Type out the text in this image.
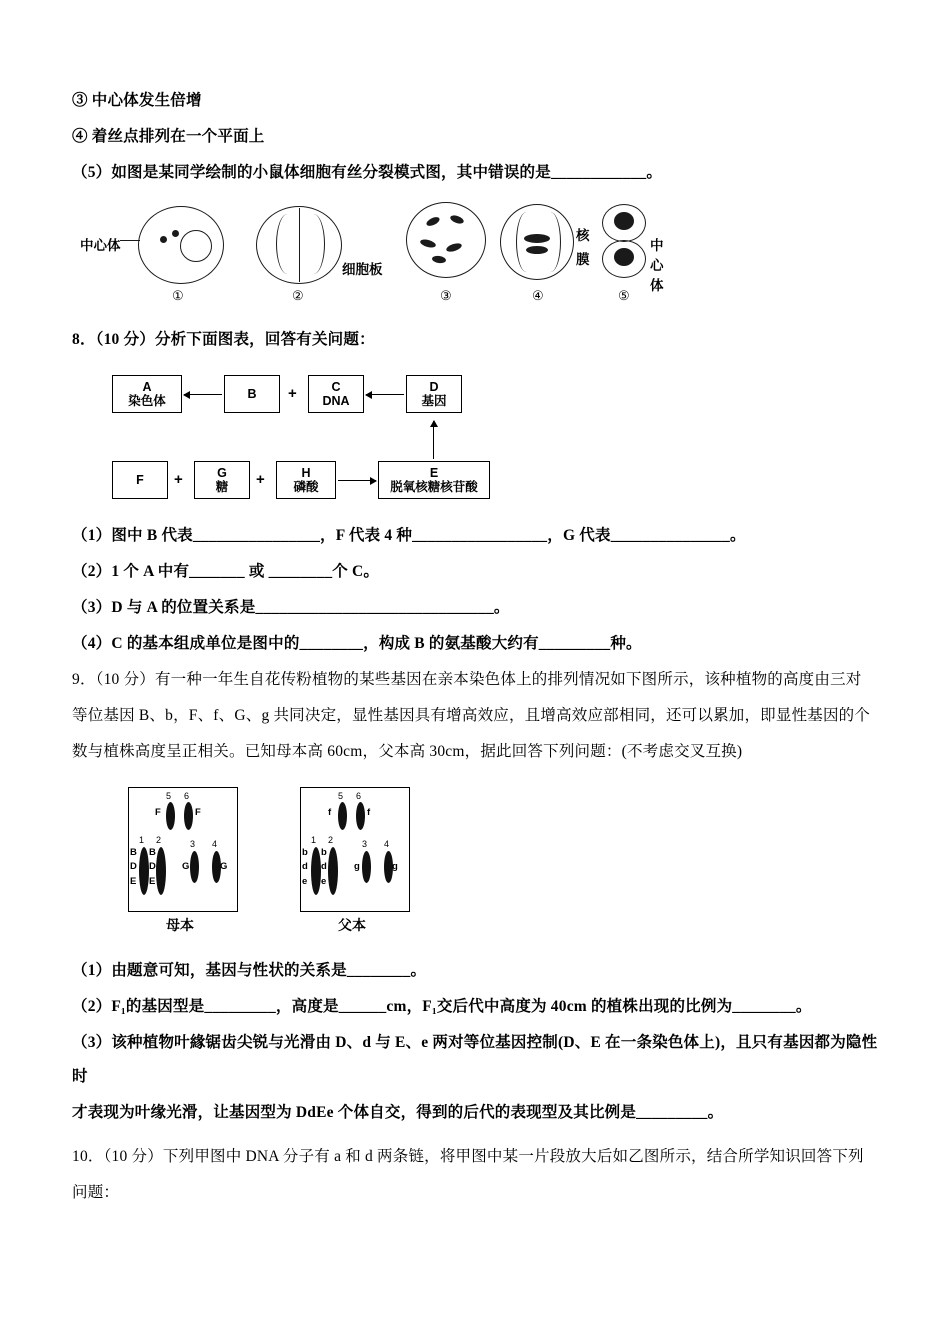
③ 中心体发生倍增

④ 着丝点排列在一个平面上

（5）如图是某同学绘制的小鼠体细胞有丝分裂模式图，其中错误的是____________。

中心体
①	②
细胞板
③	④
核
膜
⑤
中心体

8．（10 分）分析下面图表，回答有关问题：

A
染色体	B	+	C
DNA
D
基因
F	+	G
糖	+	H
磷酸
E
脱氧核糖核苷酸

（1）图中 B 代表________________，F 代表 4 种_________________，G 代表_______________。

（2）1 个 A 中有_______ 或 ________个 C。

（3）D 与 A 的位置关系是______________________________。

（4）C 的基本组成单位是图中的________，构成 B 的氨基酸大约有_________种。

9．（10 分）有一种一年生自花传粉植物的某些基因在亲本染色体上的排列情况如下图所示，该种植物的高度由三对

等位基因 B、b，F、f、G、g 共同决定，显性基因具有增高效应，且增高效应部相同，还可以累加，即显性基因的个

数与植株高度呈正相关。已知母本高 60cm，父本高 30cm，据此回答下列问题：(不考虑交叉互换)

5 6
F	F
1 2	3 4
B B
D D
E E
G	G
母本
5 6
f	f
1 2	3 4
b b
d d
e e
g	g
父本

（1）由题意可知，基因与性状的关系是________。

（2）F₁的基因型是_________，高度是______cm，F₁交后代中高度为 40cm 的植株出现的比例为________。

（3）该种植物叶緣锯齿尖锐与光滑由 D、d 与 E、e 两对等位基因控制(D、E 在一条染色体上)，且只有基因都为隐性时

才表现为叶缘光滑，让基因型为 DdEe 个体自交，得到的后代的表现型及其比例是_________。

10．（10 分）下列甲图中 DNA 分子有 a 和 d 两条链，将甲图中某一片段放大后如乙图所示，结合所学知识回答下列

问题：
